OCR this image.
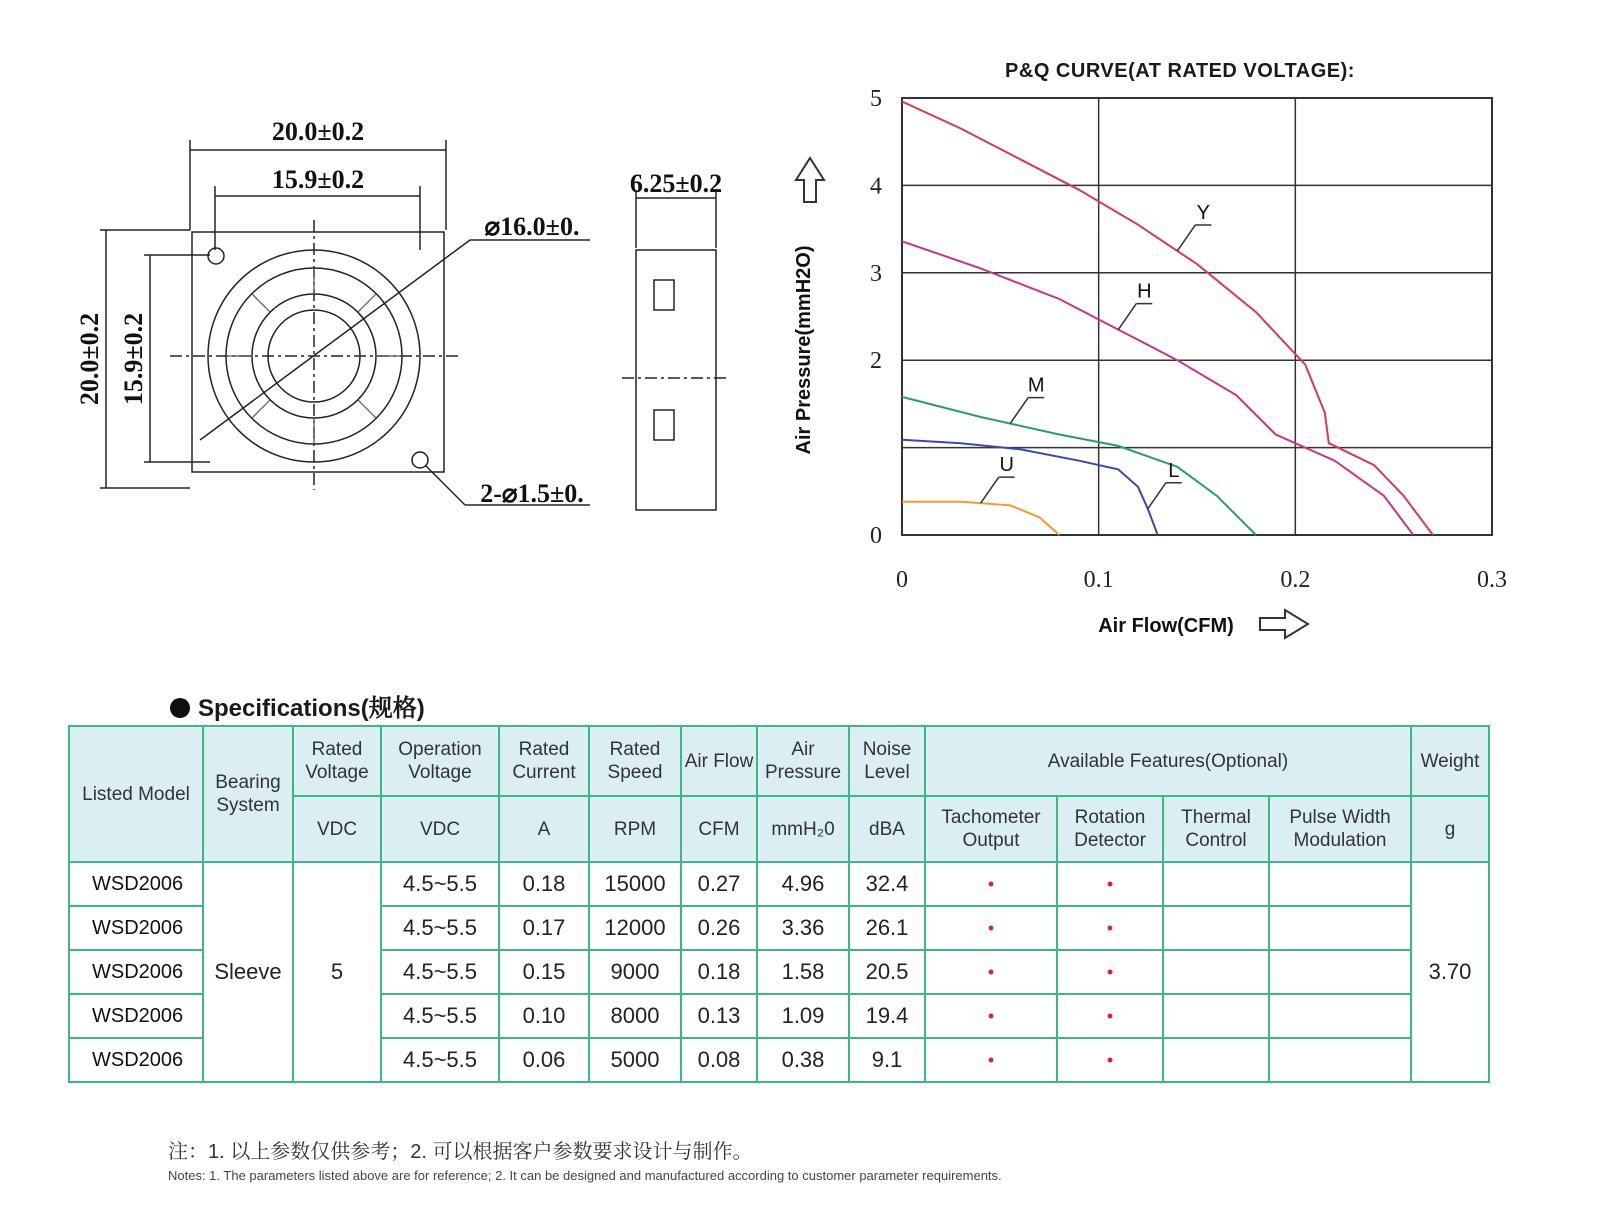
20.0±0.2
15.9±0.2
⌀16.0±0.
6.25±0.2
2-⌀1.5±0.
20.0±0.2 15.9±0.2
P&Q CURVE(AT RATED VOLTAGE):
0	0.1	0.2	0.3
0
2
3
4
5
Y
H
M
L
U
Air Pressure(mmH2O)
Air Flow(CFM)
Specifications(规格)
Listed Model	Bearing System	Rated Voltage	Operation Voltage	Rated Current	Rated Speed	Air Flow	Air Pressure	Noise Level	Available Features(Optional)				Weight
		VDC	VDC	A	RPM	CFM	mmH₂0	dBA	Tachometer Output	Rotation Detector	Thermal Control	Pulse Width Modulation	g
WSD2006	Sleeve	5	4.5~5.5	0.18	15000	0.27	4.96	32.4	•	•			3.70
WSD2006			4.5~5.5	0.17	12000	0.26	3.36	26.1	•	•			
WSD2006			4.5~5.5	0.15	9000	0.18	1.58	20.5	•	•			
WSD2006			4.5~5.5	0.10	8000	0.13	1.09	19.4	•	•			
WSD2006			4.5~5.5	0.06	5000	0.08	0.38	9.1	•	•			
注：1. 以上参数仅供参考；2. 可以根据客户参数要求设计与制作。
Notes: 1. The parameters listed above are for reference; 2. It can be designed and manufactured according to customer parameter requirements.
